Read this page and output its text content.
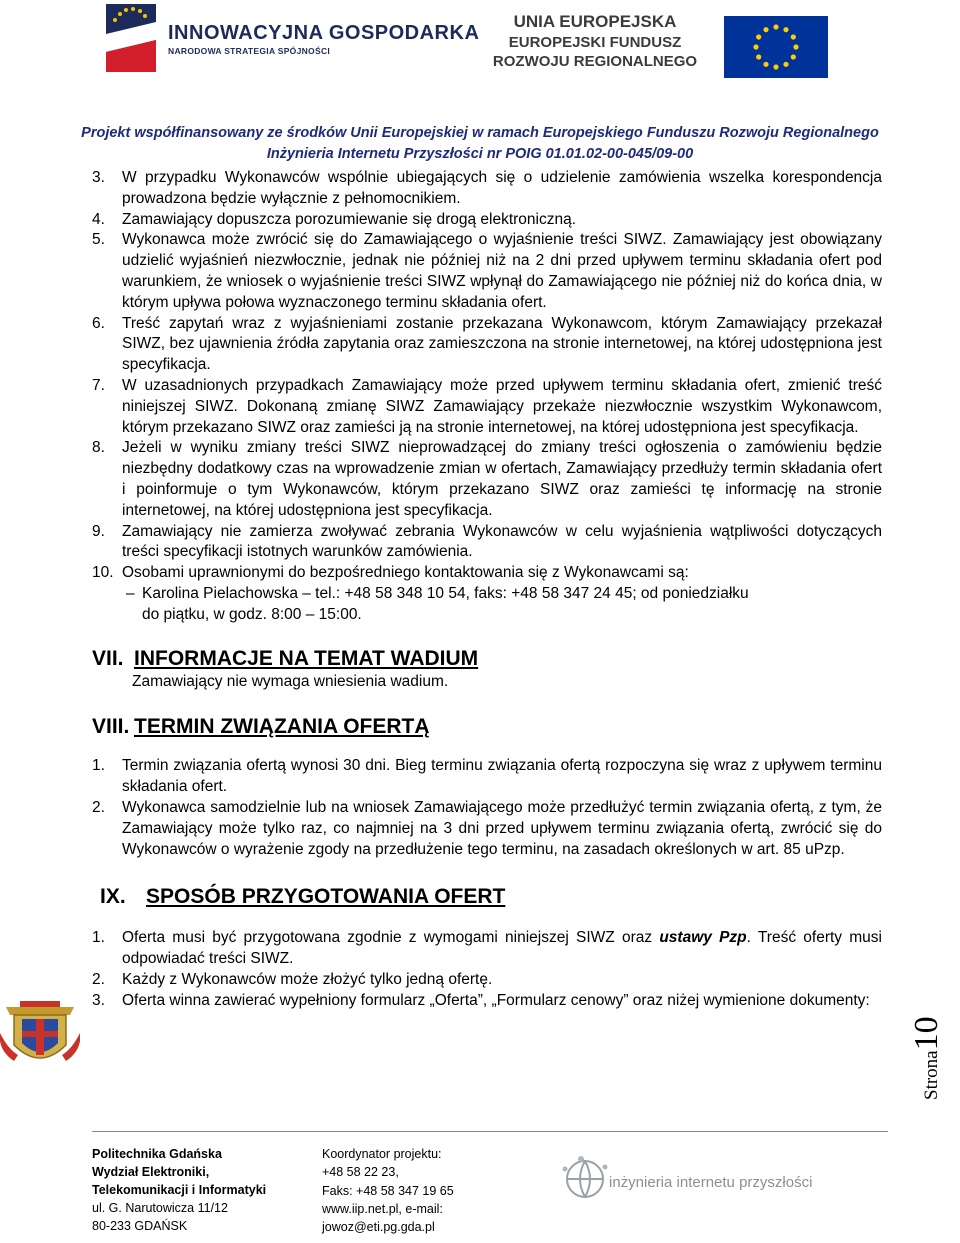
INNOWACYJNA GOSPODARKA
NARODOWA STRATEGIA SPÓJNOŚCI
UNIA EUROPEJSKA
EUROPEJSKI FUNDUSZ
ROZWOJU REGIONALNEGO
Projekt współfinansowany ze środków Unii Europejskiej w ramach Europejskiego Funduszu Rozwoju Regionalnego
Inżynieria Internetu Przyszłości nr POIG 01.01.02-00-045/09-00
3. W przypadku Wykonawców wspólnie ubiegających się o udzielenie zamówienia wszelka korespondencja prowadzona będzie wyłącznie z pełnomocnikiem.
4. Zamawiający dopuszcza porozumiewanie się drogą elektroniczną.
5. Wykonawca może zwrócić się do Zamawiającego o wyjaśnienie treści SIWZ. Zamawiający jest obowiązany udzielić wyjaśnień niezwłocznie, jednak nie później niż na 2 dni przed upływem terminu składania ofert pod warunkiem, że wniosek o wyjaśnienie treści SIWZ wpłynął do Zamawiającego nie później niż do końca dnia, w którym upływa połowa wyznaczonego terminu składania ofert.
6. Treść zapytań wraz z wyjaśnieniami zostanie przekazana Wykonawcom, którym Zamawiający przekazał SIWZ, bez ujawnienia źródła zapytania oraz zamieszczona na stronie internetowej, na której udostępniona jest specyfikacja.
7. W uzasadnionych przypadkach Zamawiający może przed upływem terminu składania ofert, zmienić treść niniejszej SIWZ. Dokonaną zmianę SIWZ Zamawiający przekaże niezwłocznie wszystkim Wykonawcom, którym przekazano SIWZ oraz zamieści ją na stronie internetowej, na której udostępniona jest specyfikacja.
8. Jeżeli w wyniku zmiany treści SIWZ nieprowadzącej do zmiany treści ogłoszenia o zamówieniu będzie niezbędny dodatkowy czas na wprowadzenie zmian w ofertach, Zamawiający przedłuży termin składania ofert i poinformuje o tym Wykonawców, którym przekazano SIWZ oraz zamieści tę informację na stronie internetowej, na której udostępniona jest specyfikacja.
9. Zamawiający nie zamierza zwoływać zebrania Wykonawców w celu wyjaśnienia wątpliwości dotyczących treści specyfikacji istotnych warunków zamówienia.
10. Osobami uprawnionymi do bezpośredniego kontaktowania się z Wykonawcami są:
– Karolina Pielachowska – tel.: +48 58 348 10 54, faks: +48 58 347 24 45; od poniedziałku
do piątku, w godz. 8:00 – 15:00.
VII. INFORMACJE NA TEMAT WADIUM
Zamawiający nie wymaga wniesienia wadium.
VIII. TERMIN ZWIĄZANIA OFERTĄ
1. Termin związania ofertą wynosi 30 dni. Bieg terminu związania ofertą rozpoczyna się wraz z upływem terminu składania ofert.
2. Wykonawca samodzielnie lub na wniosek Zamawiającego może przedłużyć termin związania ofertą, z tym, że Zamawiający może tylko raz, co najmniej na 3 dni przed upływem terminu związania ofertą, zwrócić się do Wykonawców o wyrażenie zgody na przedłużenie tego terminu, na zasadach określonych w art. 85 uPzp.
IX. SPOSÓB PRZYGOTOWANIA OFERT
1. Oferta musi być przygotowana zgodnie z wymogami niniejszej SIWZ oraz ustawy Pzp. Treść oferty musi odpowiadać treści SIWZ.
2. Każdy z Wykonawców może złożyć tylko jedną ofertę.
3. Oferta winna zawierać wypełniony formularz „Oferta”, „Formularz cenowy” oraz niżej wymienione dokumenty:
Strona10
Politechnika Gdańska
Wydział Elektroniki,
Telekomunikacji i Informatyki
ul. G. Narutowicza 11/12
80-233 GDAŃSK
Koordynator projektu:
+48 58 22 23,
Faks: +48 58 347 19 65
www.iip.net.pl, e-mail:
jowoz@eti.pg.gda.pl
inżynieria internetu przyszłości
